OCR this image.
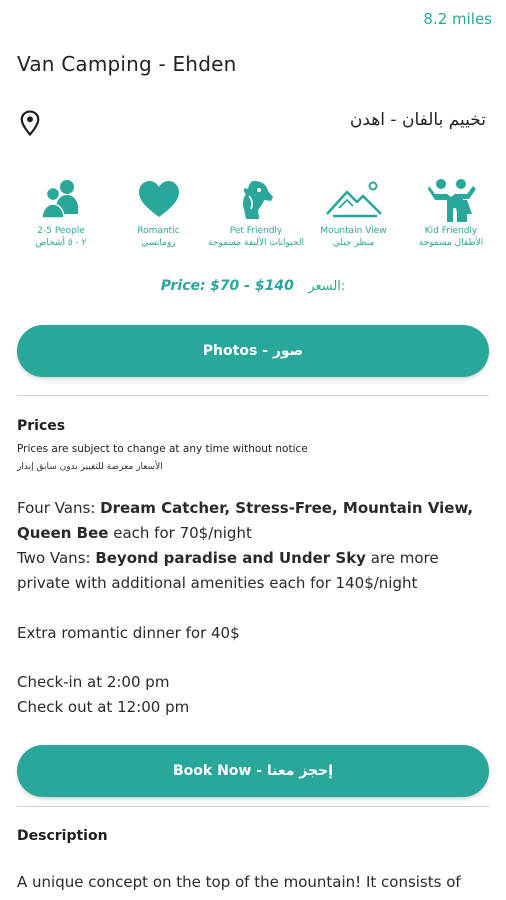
8.2 miles
Van Camping - Ehden
تخييم بالفان - اهدن
2-5 People
٢ - ٥ أشخاص
Romantic
رومانسي
Pet Friendly
الحيوانات الأليفة مسموحة
Mountain View
منظر جبلي
Kid Friendly
الأطفال مسموحة
Price: $70 - $140 السعر:
Photos - صور
Prices
Prices are subject to change at any time without notice
الأسعار معرضة للتغيير بدون سابق إنذار
Four Vans: Dream Catcher, Stress-Free, Mountain View, Queen Bee each for 70$/night
Two Vans: Beyond paradise and Under Sky are more private with additional amenities each for 140$/night
Extra romantic dinner for 40$
Check-in at 2:00 pm
Check out at 12:00 pm
Book Now - إحجز معنا
Description
A unique concept on the top of the mountain! It consists of
